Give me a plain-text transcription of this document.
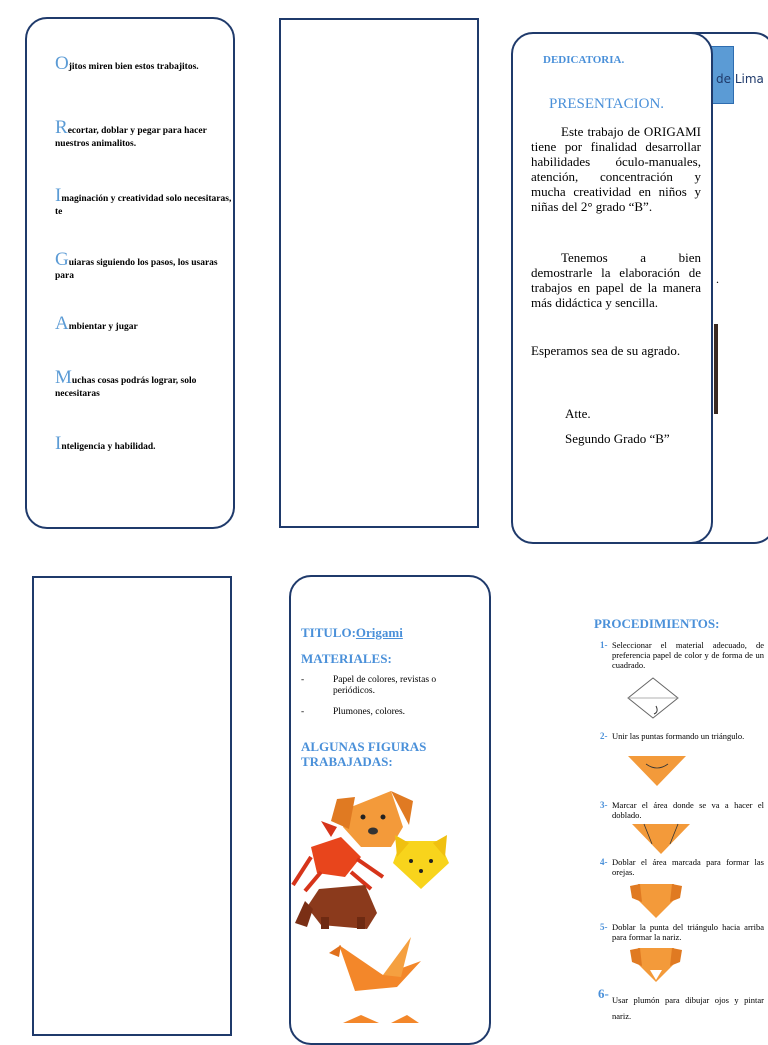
Ojitos miren bien estos trabajitos.
Recortar, doblar y pegar para hacer nuestros animalitos.
Imaginación y creatividad solo necesitaras, te
Guiaras siguiendo los pasos, los usaras para
Ambientar y jugar
Muchas cosas podrás lograr, solo necesitaras
Inteligencia y habilidad.
de Lima
.
DEDICATORIA.
PRESENTACION.
Este trabajo de ORIGAMI tiene por finalidad desarrollar habilidades óculo-manuales, atención, concentración y mucha creatividad en niños y niñas del 2° grado “B”.
Tenemos a bien demostrarle la elaboración de trabajos en papel de la manera más didáctica y sencilla.
Esperamos sea de su agrado.
Atte.
Segundo Grado “B”
TITULO:Origami
MATERIALES:
-	Papel de colores, revistas o periódicos.
-	Plumones, colores.
ALGUNAS FIGURAS TRABAJADAS:
PROCEDIMIENTOS:
1- Seleccionar el material adecuado, de preferencia papel de color y de forma de un cuadrado.
2- Unir las puntas formando un triángulo.
3- Marcar el área donde se va a hacer el doblado.
4- Doblar el área marcada para formar las orejas.
5- Doblar la punta del triángulo hacia arriba para formar la nariz.
6- Usar plumón para dibujar ojos y pintar nariz.
